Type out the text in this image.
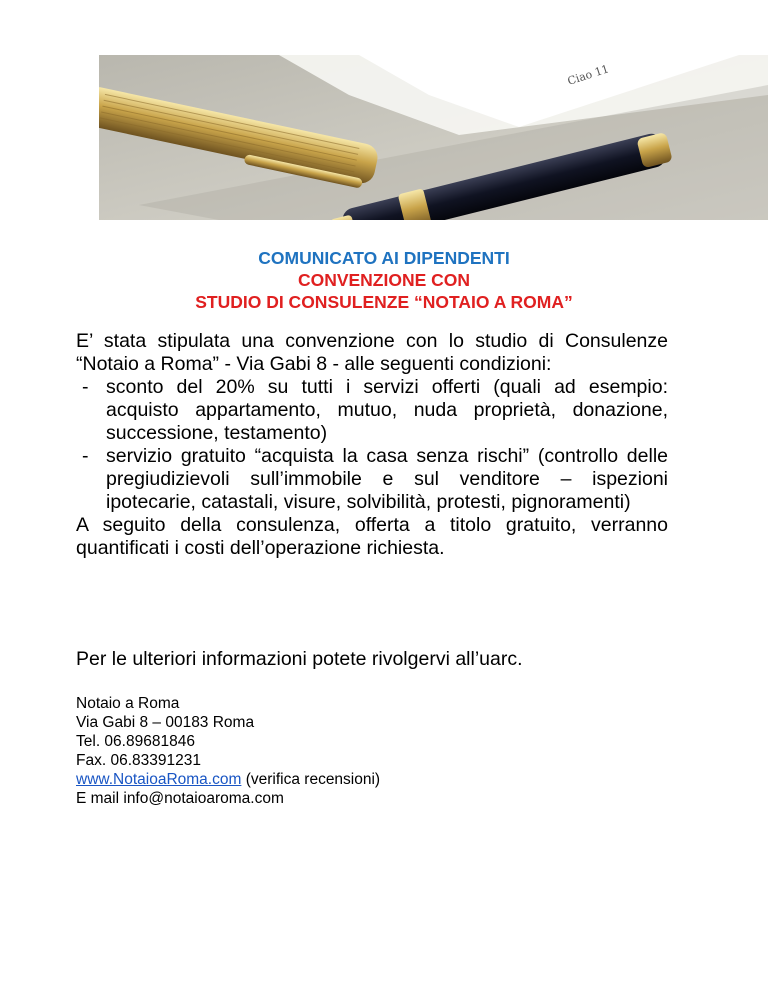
Ciao 11
COMUNICATO AI DIPENDENTI
CONVENZIONE CON
STUDIO DI CONSULENZE “NOTAIO A ROMA”

E’ stata stipulata una convenzione con lo studio di Consulenze “Notaio a Roma” - Via Gabi 8 - alle seguenti condizioni:

- sconto del 20% su tutti i servizi offerti (quali ad esempio: acquisto appartamento, mutuo, nuda proprietà, donazione, successione, testamento)
- servizio gratuito “acquista la casa senza rischi” (controllo delle pregiudizievoli sull’immobile e sul venditore – ispezioni ipotecarie, catastali, visure, solvibilità, protesti, pignoramenti)

A seguito della consulenza, offerta a titolo gratuito, verranno quantificati i costi dell’operazione richiesta.

Per le ulteriori informazioni potete rivolgervi all’uarc.
Notaio a Roma
Via Gabi 8 – 00183 Roma
Tel. 06.89681846
Fax. 06.83391231
www.NotaioaRoma.com (verifica recensioni)
E mail info@notaioaroma.com
